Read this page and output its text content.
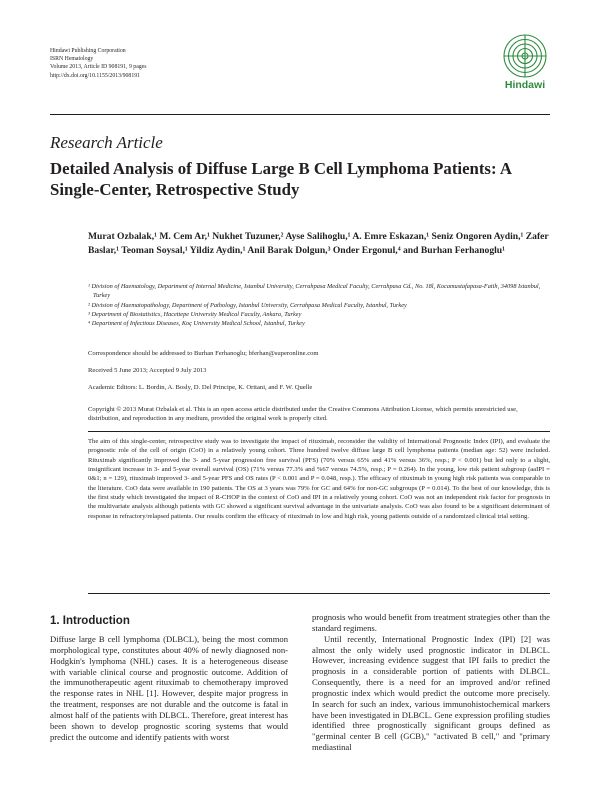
Hindawi Publishing Corporation
ISRN Hematology
Volume 2013, Article ID 908191, 9 pages
http://dx.doi.org/10.1155/2013/908191
Hindawi
Research Article
Detailed Analysis of Diffuse Large B Cell Lymphoma Patients: A Single-Center, Retrospective Study
Murat Ozbalak,¹ M. Cem Ar,¹ Nukhet Tuzuner,² Ayse Salihoglu,¹ A. Emre Eskazan,¹ Seniz Ongoren Aydin,¹ Zafer Baslar,¹ Teoman Soysal,¹ Yildiz Aydin,¹ Anil Barak Dolgun,³ Onder Ergonul,⁴ and Burhan Ferhanoglu¹
¹ Division of Haematology, Department of Internal Medicine, Istanbul University, Cerrahpasa Medical Faculty, Cerrahpasa Cd., No. 18l, Kocamustafapasa-Fatih, 34098 Istanbul, Turkey
² Division of Haematopathology, Department of Pathology, Istanbul University, Cerrahpasa Medical Faculty, Istanbul, Turkey
³ Department of Biostatistics, Hacettepe University Medical Faculty, Ankara, Turkey
⁴ Department of Infectious Diseases, Koç University Medical School, Istanbul, Turkey
Correspondence should be addressed to Burhan Ferhanoglu; bferhan@superonline.com
Received 5 June 2013; Accepted 9 July 2013
Academic Editors: L. Bordin, A. Bosly, D. Del Principe, K. Oritani, and F. W. Quelle
Copyright © 2013 Murat Ozbalak et al. This is an open access article distributed under the Creative Commons Attribution License, which permits unrestricted use, distribution, and reproduction in any medium, provided the original work is properly cited.
The aim of this single-center, retrospective study was to investigate the impact of rituximab, reconsider the validity of International Prognostic Index (IPI), and evaluate the prognostic role of the cell of origin (CoO) in a relatively young cohort. Three hundred twelve diffuse large B cell lymphoma patients (median age: 52) were included. Rituximab significantly improved the 3- and 5-year progression free survival (PFS) (70% versus 65% and 41% versus 36%, resp.; P < 0.001) but led only to a slight, insignificant increase in 3- and 5-year overall survival (OS) (71% versus 77.3% and %67 versus 74.5%, resp.; P = 0.264). In the young, low risk patient subgroup (aaIPI = 0&1; n = 129), rituximab improved 3- and 5-year PFS and OS rates (P < 0.001 and P = 0.048, resp.). The efficacy of rituximab in young high risk patients was comparable to the literature. CoO data were available in 190 patients. The OS at 3 years was 79% for GC and 64% for non-GC subgroups (P = 0.014). To the best of our knowledge, this is the first study which investigated the impact of R-CHOP in the context of CoO and IPI in a relatively young cohort. CoO was not an independent risk factor for prognosis in the multivariate analysis although patients with GC showed a significant survival advantage in the univariate analysis. CoO was also found to be a significant determinant of response in refractory/relapsed patients. Our results confirm the efficacy of rituximab in low and high risk, young patients outside of a randomized clinical trial setting.
1. Introduction

Diffuse large B cell lymphoma (DLBCL), being the most common morphological type, constitutes about 40% of newly diagnosed non-Hodgkin's lymphoma (NHL) cases. It is a heterogeneous disease with variable clinical course and prognostic outcome. Addition of the immunotherapeutic agent rituximab to chemotherapy improved the response rates in NHL [1]. However, despite major progress in the treatment, responses are not durable and the outcome is fatal in almost half of the patients with DLBCL. Therefore, great interest has been shown to develop prognostic scoring systems that would predict the outcome and identify patients with worst

prognosis who would benefit from treatment strategies other than the standard regimens.

Until recently, International Prognostic Index (IPI) [2] was almost the only widely used prognostic indicator in DLBCL. However, increasing evidence suggest that IPI fails to predict the prognosis in a considerable portion of patients with DLBCL. Consequently, there is a need for an improved and/or refined prognostic index which would predict the outcome more precisely. In search for such an index, various immunohistochemical markers have been investigated in DLBCL. Gene expression profiling studies identified three prognostically significant groups defined as "germinal center B cell (GCB)," "activated B cell," and "primary mediastinal
